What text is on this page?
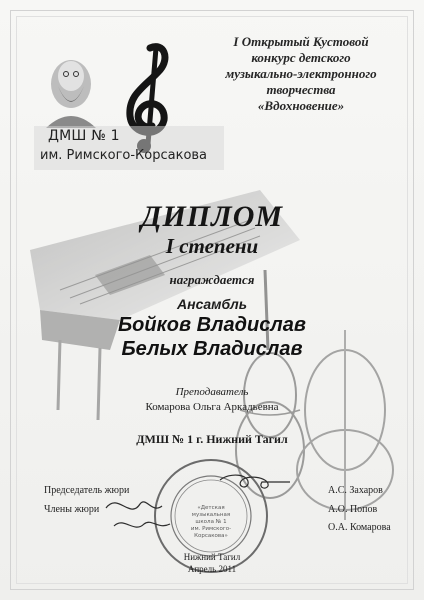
ДМШ № 1
им. Римского-Корсакова
I Открытый Кустовой
конкурс детского
музыкально-электронного
творчества
«Вдохновение»
ДИПЛОМ
I степени
награждается
Ансамбль
Бойков Владислав
Белых Владислав
Преподаватель
Комарова Ольга Аркадьевна
ДМШ № 1 г. Нижний Тагил
«Детская
музыкальная
школа № 1
им. Римского-
Корсакова»
Председатель жюри
Члены жюри
А.С. Захаров
А.О. Попов
О.А. Комарова
Нижний Тагил
Апрель 2011
